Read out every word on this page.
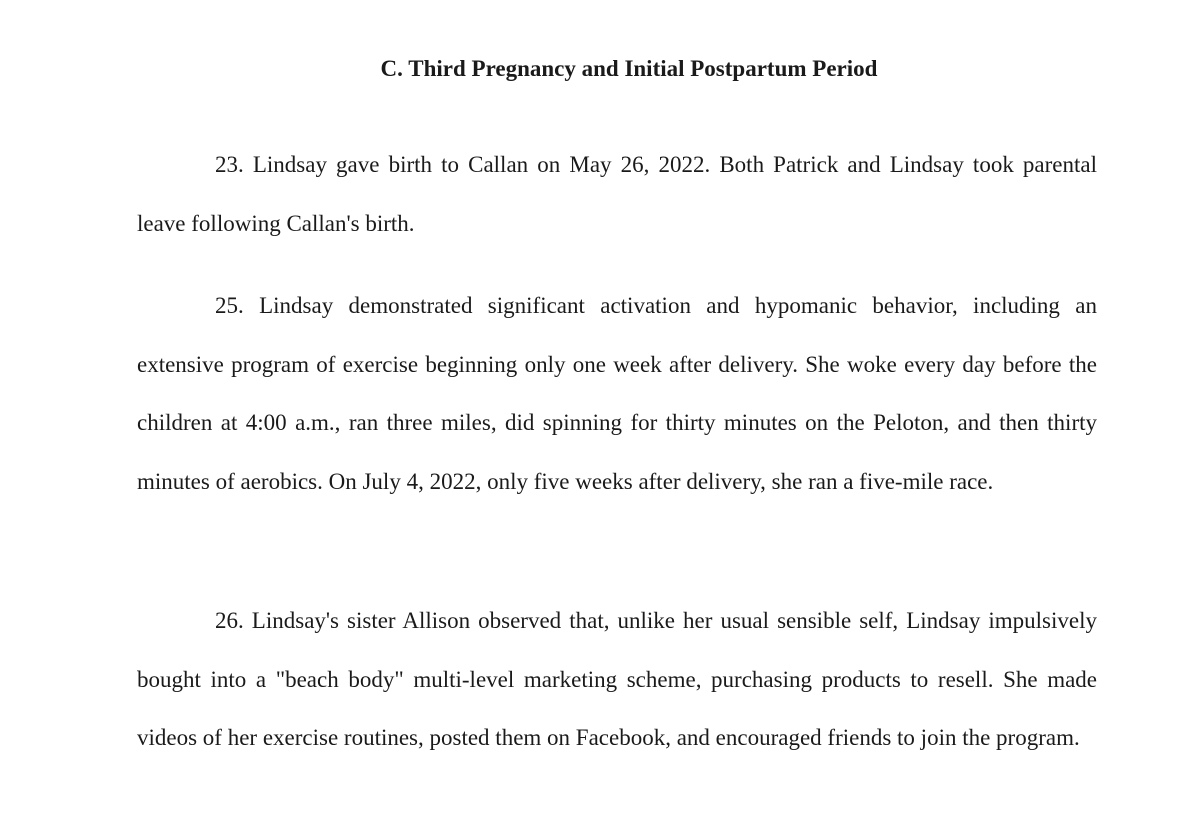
C. Third Pregnancy and Initial Postpartum Period

23. Lindsay gave birth to Callan on May 26, 2022. Both Patrick and Lindsay took parental leave following Callan's birth.

25. Lindsay demonstrated significant activation and hypomanic behavior, including an extensive program of exercise beginning only one week after delivery. She woke every day before the children at 4:00 a.m., ran three miles, did spinning for thirty minutes on the Peloton, and then thirty minutes of aerobics. On July 4, 2022, only five weeks after delivery, she ran a five-mile race.

26. Lindsay's sister Allison observed that, unlike her usual sensible self, Lindsay impulsively bought into a "beach body" multi-level marketing scheme, purchasing products to resell. She made videos of her exercise routines, posted them on Facebook, and encouraged friends to join the program.
